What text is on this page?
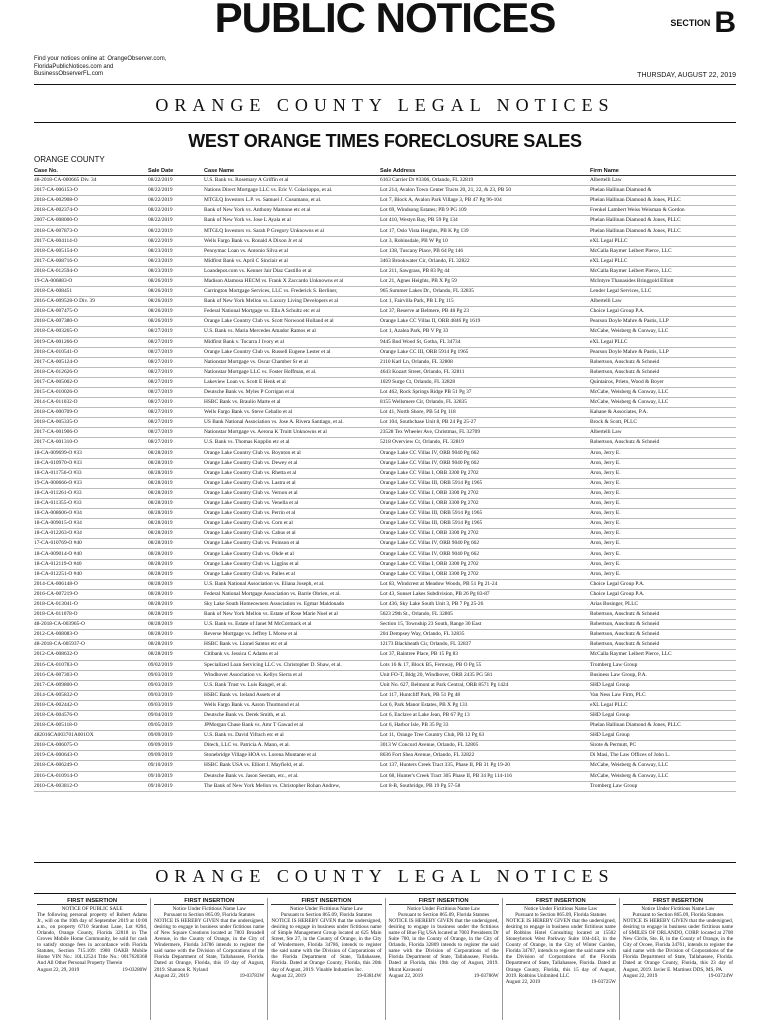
PUBLIC NOTICES	SECTION B
Find your notices online at: OrangeObserver.com,
FloridaPublicNotices.com and
BusinessObserverFL.com	THURSDAY, AUGUST 22, 2019
ORANGE COUNTY LEGAL NOTICES
WEST ORANGE TIMES FORECLOSURE SALES
ORANGE COUNTY
Case No.	Sale Date	Case Name	Sale Address	Firm Name
48-2018-CA-000665 Div. 34	08/22/2019	U.S. Bank vs. Rosemary A Griffin et al	6163 Carrier Dr #3306, Orlando, FL 32819	Albertelli Law
2017-CA-006153-O	08/22/2019	Nations Direct Mortgage LLC vs. Eric V. Colacioppo, et al.	Lot 214, Avalon Town Center Tracts 20, 21, 22, & 23, PB 50	Phelan Hallinan Diamond &
2018-CA-002908-O	08/22/2019	MTGLQ Investors L.P. vs. Samuel J. Cusumano, et al.	Lot 7, Block A, Avalon Park Village 3, PB 47 Pg 96-104	Phelan Hallinan Diamond & Jones, PLLC
2018-CA-002374-O	08/22/2019	Bank of New York vs. Anthony Mamone etc et al	Lot 69, Windsong Estates; PB 9 PG 109	Frenkel Lambert Weiss Weisman & Gordon
2007-CA-008000-O	08/22/2019	Bank of New York vs. Jose L Ayala et al	Lot 410, Westyn Bay, PB 59 Pg 134	Phelan Hallinan Diamond & Jones, PLLC
2018-CA-007873-O	08/22/2019	MTGLQ Investors vs. Sarah P Gregory Unknowns et al	Lot 17, Oslo Vista Heights, PB K Pg 139	Phelan Hallinan Diamond & Jones, PLLC
2017-CA-004114-O	08/22/2019	Wells Fargo Bank vs. Ronald A Dixon Jr et al	Lot 3, Robinsdale, PB W Pg 10	eXL Legal PLLC
2018-CA-005154-O	08/23/2019	Pennymac Loan vs. Antonio Silva et al	Lot 138, Tuscany Place, PB 64 Pg 146	McCalla Raymer Leibert Pierce, LLC
2017-CA-008716-O	08/23/2019	Midfirst Bank vs. April C Sinclair et al	3463 Brookwater Cir, Orlando, FL 32822	eXL Legal PLLC
2018-CA-012594-O	08/23/2019	Loandepot.com vs. Kenner Jair Diaz Castillo et al	Lot 211, Sawgrass, PB 83 Pg 44	McCalla Raymer Leibert Pierce, LLC
19-CA-006883-O	08/26/2019	Madison Alamosa HECM vs. Frank X Zaccardo Unknowns et al	Lot 21, Agnes Heights, PB X Pg 59	McIntyre Thanasides Bringgold Elliott
2018-CA-008451	08/26/2019	Carrington Mortgage Services, LLC vs. Frederick S. Berliner,	965 Summer Lakes Dr., Orlando, FL 32835	Lender Legal Services, LLC
2016-CA-009528-O Div. 39	08/26/2019	Bank of New York Mellon vs. Luxury Living Developers et al	Lot 1, Fairvilla Park, PB L Pg 115	Albertelli Law
2018-CA-007475-O	08/26/2019	Federal National Mortgage vs. Ella A Schultz etc et al	Lot 37, Reserve at Belmere, PB 48 Pg 23	Choice Legal Group P.A.
2018-CA-007380-O	08/26/2019	Orange Lake Country Club vs. Scott Norwood Holland et al	Orange Lake CC Villas II, ORB 4846 Pg 1619	Pearson Doyle Mahre & Pastis, LLP
2018-CA-003265-O	08/27/2019	U.S. Bank vs. Maria Mercedes Amador Ramos et al	Lot 1, Azalea Park, PB V Pg 33	McCabe, Weisberg & Conway, LLC
2019-CA-001266-O	08/27/2019	Midfirst Bank v. Tocarra J Ivory et al	9445 Bud Wood St, Gotha, FL 34734	eXL Legal PLLC
2018-CA-010541-O	08/27/2019	Orange Lake Country Club vs. Russell Eugene Lester et al	Orange Lake CC III, ORB 5914 Pg 1965	Pearson Doyle Mahre & Pastis, LLP
2017-CA-005124-O	08/27/2019	Nationstar Mortgage vs. Oscar Chamber Sr et al	2110 Karl Ln, Orlando, FL 32808	Robertson, Anschutz & Schneid
2018-CA-012626-O	08/27/2019	Nationstar Mortgage LLC vs. Foster Hoffman, et al.	4643 Kozart Street, Orlando, FL 32811	Robertson, Anschutz & Schneid
2017-CA-005002-O	08/27/2019	Lakeview Loan vs. Scott E Henk et al	1029 Surge Ct, Orlando, FL 32828	Quintairos, Prieto, Wood & Boyer
2015-CA-010026-O	08/27/2019	Deutsche Bank vs. Myles P Corrigan et al	Lot 462, Rock Springs Ridge PB 51 Pg 37	McCabe, Weisberg & Conway, LLC
2014-CA-011032-O	08/27/2019	HSBC Bank vs. Braulio Marte et al	8155 Wellsmere Cir, Orlando, FL 32835	McCabe, Weisberg & Conway, LLC
2018-CA-000709-O	08/27/2019	Wells Fargo Bank vs. Steve Ceballo et al	Lot 41, North Shore, PB 54 Pg 118	Kahane & Associates, P.A.
2018-CA-005335-O	08/27/2019	US Bank National Association vs. Jose A. Rivera Santiago, et al.	Lot 104, Southchase Unit 8, PB 24 Pg 25-27	Brock & Scott, PLLC
2017-CA-001906-O	08/27/2019	Nationstar Mortgage vs. Aerona K Truitt Unknowns et al	23528 Tex Wheeler Ave, Christmas, FL 32709	Albertelli Law
2017-CA-001310-O	08/27/2019	U.S. Bank vs. Thomas Kopplin etc et al	5218 Overview Ct, Orlando, FL 32819	Robertson, Anschutz & Schneid
18-CA-009699-O #33	08/28/2019	Orange Lake Country Club vs. Boynton et al	Orange Lake CC Villas IV, ORB 9040 Pg 662	Aron, Jerry E.
18-CA-010970-O #33	08/28/2019	Orange Lake Country Club vs. Dewey et al	Orange Lake CC Villas IV, ORB 9040 Pg 662	Aron, Jerry E.
18-CA-011756-O #33	08/28/2019	Orange Lake Country Club vs. Rhetta et al	Orange Lake CC Villas I, ORB 3300 Pg 2702	Aron, Jerry E.
19-CA-000666-O #33	08/28/2019	Orange Lake Country Club vs. Lastra et al	Orange Lake CC Villas III, ORB 5914 Pg 1965	Aron, Jerry E.
18-CA-011261-O #33	08/28/2019	Orange Lake Country Club vs. Vernon et al	Orange Lake CC Villas I, ORB 3300 Pg 2702	Aron, Jerry E.
18-CA-011355-O #33	08/28/2019	Orange Lake Country Club vs. Venella et al	Orange Lake CC Villas I, ORB 3300 Pg 2702	Aron, Jerry E.
18-CA-008606-O #34	08/28/2019	Orange Lake Country Club vs. Perrin et al	Orange Lake CC Villas III, ORB 5914 Pg 1965	Aron, Jerry E.
18-CA-009015-O #34	08/28/2019	Orange Lake Country Club vs. Corn et al	Orange Lake CC Villas III, ORB 5914 Pg 1965	Aron, Jerry E.
18-CA-012263-O #34	08/28/2019	Orange Lake Country Club vs. Cabus et al	Orange Lake CC Villas I, ORB 3300 Pg 2702	Aron, Jerry E.
17-CA-010769-O #40	08/28/2019	Orange Lake Country Club vs. Poinson et al	Orange Lake CC Villas IV, ORB 9040 Pg 662	Aron, Jerry E.
18-CA-009014-O #40	08/28/2019	Orange Lake Country Club vs. Ohde et al	Orange Lake CC Villas IV, ORB 9040 Pg 662	Aron, Jerry E.
18-CA-012119-O #40	08/28/2019	Orange Lake Country Club vs. Liggins et al	Orange Lake CC Villas I, ORB 3300 Pg 2702	Aron, Jerry E.
18-CA-012251-O #40	08/28/2019	Orange Lake Country Club vs. Pailes et al	Orange Lake CC Villas I, ORB 3300 Pg 2702	Aron, Jerry E.
2014-CA-006148-O	08/28/2019	U.S. Bank National Association vs. Eliana Joseph, et al.	Lot 83, Windcrest at Meadow Woods, PB 51 Pg 21-24	Choice Legal Group P.A.
2016-CA-007219-O	08/28/2019	Federal National Mortgage Association vs. Barrie Obrien, et al.	Lot 43, Sunset Lakes Subdivision, PB 26 Pg 83-87	Choice Legal Group P.A.
2018-CA-013041-O	08/28/2019	Sky Lake South Homeowners Association vs. Egmar Maldonado	Lot 436, Sky Lake South Unit 3, PB 7 Pg 25-26	Arias Bosinger, PLLC
2018-CA-011078-O	08/28/2019	Bank of New York Mellon vs. Estate of Rose Marie Noel et al	5623 29th St., Orlando, FL 32805	Robertson, Anschutz & Schneid
48-2018-CA-003965-O	08/28/2019	U.S. Bank vs. Estate of Janet M McCormack et al	Section 15, Township 23 South, Range 30 East	Robertson, Anschutz & Schneid
2012-CA-008083-O	08/28/2019	Reverse Mortgage vs. Jeffrey L Morse et al	204 Dempsey Way, Orlando, FL 32835	Robertson, Anschutz & Schneid
48-2018-CA-005937-O	08/28/2019	HSBC Bank vs. Lionel Santos etc et al	12173 Blackheath Cir, Orlando, FL 32837	Robertson, Anschutz & Schneid
2012-CA-008632-O	08/28/2019	Citibank vs. Jessica C Adams et al	Lot 37, Raintree Place, PB 15 Pg 83	McCalla Raymer Leibert Pierce, LLC
2016-CA-010783-O	09/02/2019	Specialized Loan Servicing LLC vs. Christopher D. Shaw, et al.	Lots 16 & 17, Block B5, Fernway, PB O Pg 55	Tromberg Law Group
2016-CA-007303-O	09/03/2019	Windhover Association vs. Kellys Sierra et al	Unit FO-T, Bldg 20, Windhover, ORB 2435 PG 581	Business Law Group, P.A.
2017-CA-009800-O	09/03/2019	U.S. Bank Trust vs. Luis Rangel, et al.	Unit No. 627, Belmont at Park Central, ORB 8571 Pg 1424	SHD Legal Group
2014-CA-005832-O	09/03/2019	HSBC Bank vs. Ireland Assets et al	Lot 117, Huntcliff Park, PB 51 Pg 48	Van Ness Law Firm, PLC
2018-CA-002442-O	09/03/2019	Wells Fargo Bank vs. Aaron Thurmond et al	Lot 6, Park Manor Estates, PB X Pg 133	eXL Legal PLLC
2018-CA-004576-O	09/04/2019	Deutsche Bank vs. Derek Smith, et al.	Lot 6, Enclave at Lake Jean, PB 67 Pg 13	SHD Legal Group
2018-CA-005118-O	09/05/2019	JPMorgan Chase Bank vs. Amr T Gawad et al	Lot 6, Harbor Isle, PB 35 Pg 33	Phelan Hallinan Diamond & Jones, PLLC
482016CA003701A001OX	09/09/2019	U.S. Bank vs. David Yifrach etc et al	Lot 11, Orange Tree Country Club, PB 12 Pg 63	SHD Legal Group
2018-CA-006075-O	09/09/2019	Ditech, LLC vs. Patricia A. Mann, et al.	3013 W Concord Avenue, Orlando, FL 32805	Sirote & Permutt, PC
2019-CA-000643-O	09/09/2019	Stonebridge Village HOA vs. Lorena Montante et al	8636 Fort Shea Avenue, Orlando, FL 32822	Di Masi, The Law Offices of John L.
2018-CA-006249-O	09/10/2019	HSBC Bank USA vs. Elliott J. Mayfield, et al.	Lot 137, Hunters Creek Tract 335, Phase II, PB 31 Pg 19-20	McCabe, Weisberg & Conway, LLC
2016-CA-010914-O	09/10/2019	Deutsche Bank vs. Jason Seeram, etc., et al.	Lot 68, Hunter's Creek Tract 305 Phase II, PB 34 Pg 114-116	McCabe, Weisberg & Conway, LLC
2010-CA-003812-O	09/10/2019	The Bank of New York Mellon vs. Christopher Rohan Andrew,	Lot 8-B, Southridge, PB 19 Pg 57-58	Tromberg Law Group
ORANGE COUNTY LEGAL NOTICES
FIRST INSERTION
NOTICE OF PUBLIC SALE
The following personal property of Robert Adams Jr., will on the 10th day of September 2019 at 10:00 a.m., on property 6710 Stardust Lane, Lot #204, Orlando, Orange County, Florida 32818 in The Groves Mobile Home Community, be sold for cash to satisfy storage fees in accordance with Florida Statutes, Section 715.109: 1980 OAKB Mobile Home VIN No.: 10L12524 Title No.: 0017620368 And All Other Personal Property Therein
August 22, 29, 2019	19-03280W
FIRST INSERTION
Notice Under Fictitious Name Law
Pursuant to Section 865.09, Florida Statutes
NOTICE IS HEREBY GIVEN that the undersigned, desiring to engage in business under fictitious name of New Square Creations located at 7803 Broadell Avenue, in the County of Orange, in the City of Windermere, Florida 34786 intends to register the said name with the Division of Corporations of the Florida Department of State, Tallahassee, Florida. Dated at Orange, Florida, this 19 day of August, 2019. Shannon R. Nyland
August 22, 2019	19-03783W
FIRST INSERTION
Notice Under Fictitious Name Law
Pursuant to Section 865.09, Florida Statutes
NOTICE IS HEREBY GIVEN that the undersigned, desiring to engage in business under fictitious name of Simple Management Group located at 625 Main Street, Ste 27, in the County of Orange, in the City of Windermere, Florida 34786, intends to register the said name with the Division of Corporations of the Florida Department of State, Tallahassee, Florida. Dated at Orange County, Florida, this 20th day of August, 2019. Vinable Industries Inc.
August 22, 2019	19-03814W
FIRST INSERTION
Notice Under Fictitious Name Law
Pursuant to Section 865.09, Florida Statutes
NOTICE IS HEREBY GIVEN that the undersigned, desiring to engage in business under the fictitious name of Blue Fig USA located at 7003 Presidents Dr Suite 700, in the County of Orange, in the City of Orlando, Florida 32809 intends to register the said name with the Division of Corporations of the Florida Department of State, Tallahassee, Florida. Dated at Florida, this 19th day of August, 2019. Murat Kavasoni
August 22, 2019	19-03786W
FIRST INSERTION
Notice Under Fictitious Name Law
Pursuant to Section 865.09, Florida Statutes
NOTICE IS HEREBY GIVEN that the undersigned, desiring to engage in business under fictitious name of Robbins Hotel Consulting located at 15502 Stoneybrook West Parkway Suite 104-443, in the County of Orange, in the City of Winter Garden, Florida 34787, intends to register the said name with the Division of Corporations of the Florida Department of State, Tallahassee, Florida. Dated at Orange County, Florida, this 15 day of August, 2019. Robbins Unlimited LLC
August 22, 2019	19-03725W
FIRST INSERTION
Notice Under Fictitious Name Law
Pursuant to Section 865.09, Florida Statutes
NOTICE IS HEREBY GIVEN that the undersigned, desiring to engage in business under fictitious name of SMILES OF ORLANDO, CORP. located at 2708 New Circle, Ste. B, in the County of Orange, in the City of Ocoee, Florida 34761, intends to register the said name with the Division of Corporations of the Florida Department of State, Tallahassee, Florida. Dated at Orange County, Florida, this 23 day of August, 2019. Javier E. Martinez DDS, MS, PA
August 22, 2019	19-03724W
